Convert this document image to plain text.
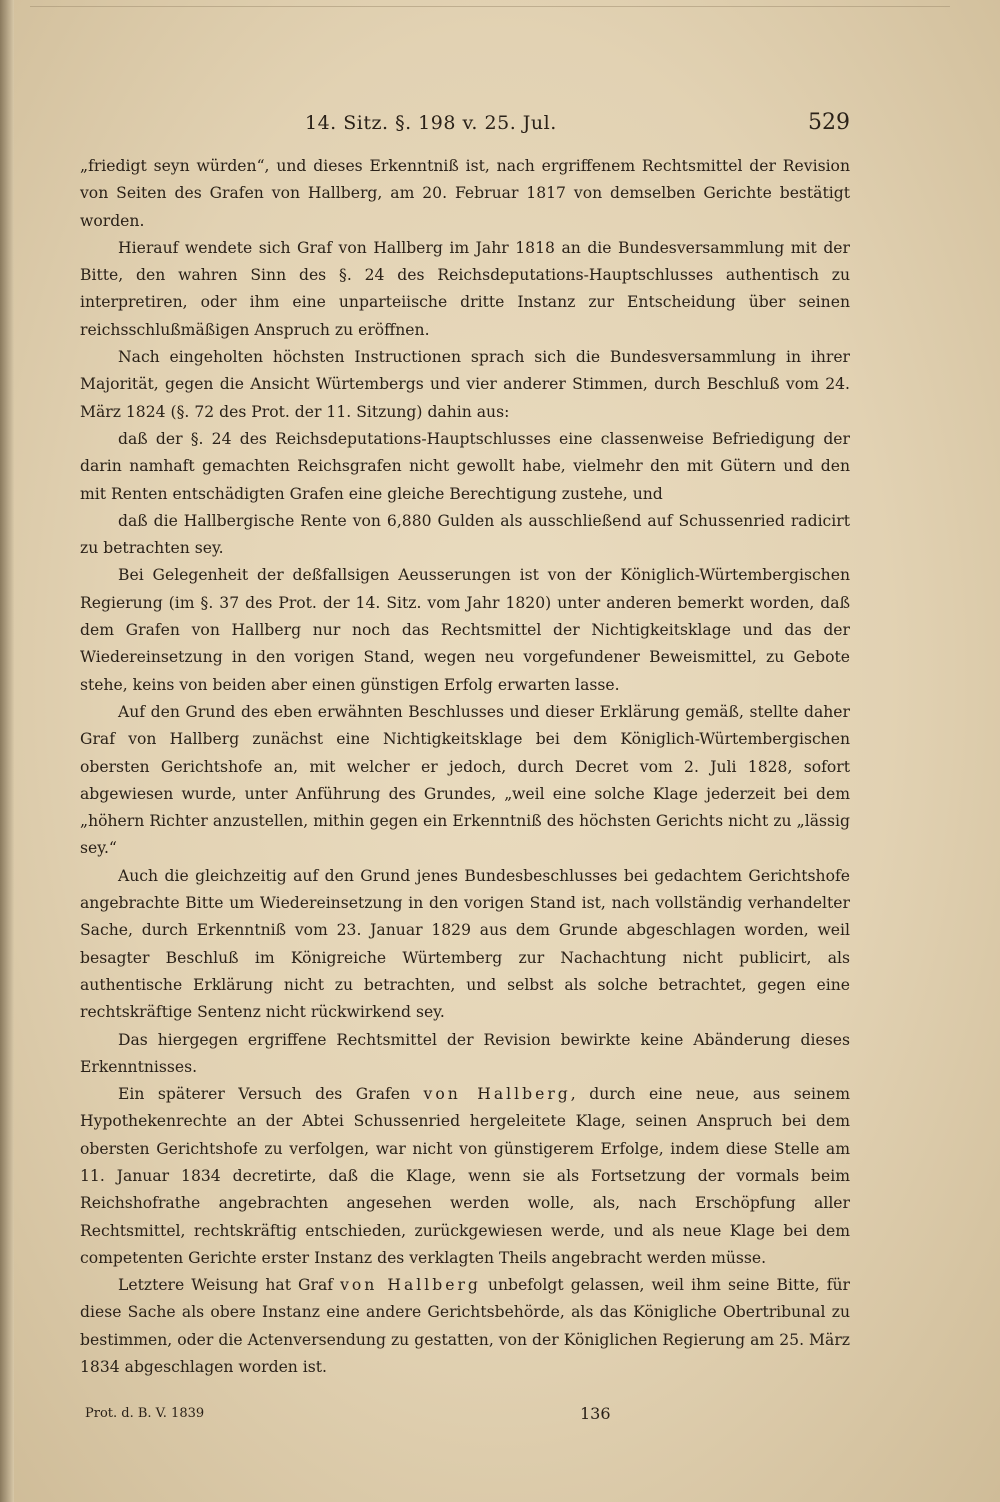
14. Sitz. §. 198 v. 25. Jul.	529

„friedigt seyn würden“, und dieses Erkenntniß ist, nach ergriffenem Rechtsmittel der Revision von Seiten des Grafen von Hallberg, am 20. Februar 1817 von demselben Gerichte bestätigt worden.

Hierauf wendete sich Graf von Hallberg im Jahr 1818 an die Bundesversammlung mit der Bitte, den wahren Sinn des §. 24 des Reichsdeputations-Hauptschlusses authentisch zu interpretiren, oder ihm eine unparteiische dritte Instanz zur Entscheidung über seinen reichsschlußmäßigen Anspruch zu eröffnen.

Nach eingeholten höchsten Instructionen sprach sich die Bundesversammlung in ihrer Majorität, gegen die Ansicht Würtembergs und vier anderer Stimmen, durch Beschluß vom 24. März 1824 (§. 72 des Prot. der 11. Sitzung) dahin aus:

daß der §. 24 des Reichsdeputations-Hauptschlusses eine classenweise Befriedigung der darin namhaft gemachten Reichsgrafen nicht gewollt habe, vielmehr den mit Gütern und den mit Renten entschädigten Grafen eine gleiche Berechtigung zustehe, und

daß die Hallbergische Rente von 6,880 Gulden als ausschließend auf Schussenried radicirt zu betrachten sey.

Bei Gelegenheit der deßfallsigen Aeusserungen ist von der Königlich-Würtembergischen Regierung (im §. 37 des Prot. der 14. Sitz. vom Jahr 1820) unter anderen bemerkt worden, daß dem Grafen von Hallberg nur noch das Rechtsmittel der Nichtigkeitsklage und das der Wiedereinsetzung in den vorigen Stand, wegen neu vorgefundener Beweismittel, zu Gebote stehe, keins von beiden aber einen günstigen Erfolg erwarten lasse.

Auf den Grund des eben erwähnten Beschlusses und dieser Erklärung gemäß, stellte daher Graf von Hallberg zunächst eine Nichtigkeitsklage bei dem Königlich-Würtembergischen obersten Gerichtshofe an, mit welcher er jedoch, durch Decret vom 2. Juli 1828, sofort abgewiesen wurde, unter Anführung des Grundes, „weil eine solche Klage jederzeit bei dem „höhern Richter anzustellen, mithin gegen ein Erkenntniß des höchsten Gerichts nicht zu „lässig sey.“

Auch die gleichzeitig auf den Grund jenes Bundesbeschlusses bei gedachtem Gerichtshofe angebrachte Bitte um Wiedereinsetzung in den vorigen Stand ist, nach vollständig verhandelter Sache, durch Erkenntniß vom 23. Januar 1829 aus dem Grunde abgeschlagen worden, weil besagter Beschluß im Königreiche Würtemberg zur Nachachtung nicht publicirt, als authentische Erklärung nicht zu betrachten, und selbst als solche betrachtet, gegen eine rechtskräftige Sentenz nicht rückwirkend sey.

Das hiergegen ergriffene Rechtsmittel der Revision bewirkte keine Abänderung dieses Erkenntnisses.

Ein späterer Versuch des Grafen von Hallberg, durch eine neue, aus seinem Hypothekenrechte an der Abtei Schussenried hergeleitete Klage, seinen Anspruch bei dem obersten Gerichtshofe zu verfolgen, war nicht von günstigerem Erfolge, indem diese Stelle am 11. Januar 1834 decretirte, daß die Klage, wenn sie als Fortsetzung der vormals beim Reichshofrathe angebrachten angesehen werden wolle, als, nach Erschöpfung aller Rechtsmittel, rechtskräftig entschieden, zurückgewiesen werde, und als neue Klage bei dem competenten Gerichte erster Instanz des verklagten Theils angebracht werden müsse.

Letztere Weisung hat Graf von Hallberg unbefolgt gelassen, weil ihm seine Bitte, für diese Sache als obere Instanz eine andere Gerichtsbehörde, als das Königliche Obertribunal zu bestimmen, oder die Actenversendung zu gestatten, von der Königlichen Regierung am 25. März 1834 abgeschlagen worden ist.

Prot. d. B. V. 1839	136
